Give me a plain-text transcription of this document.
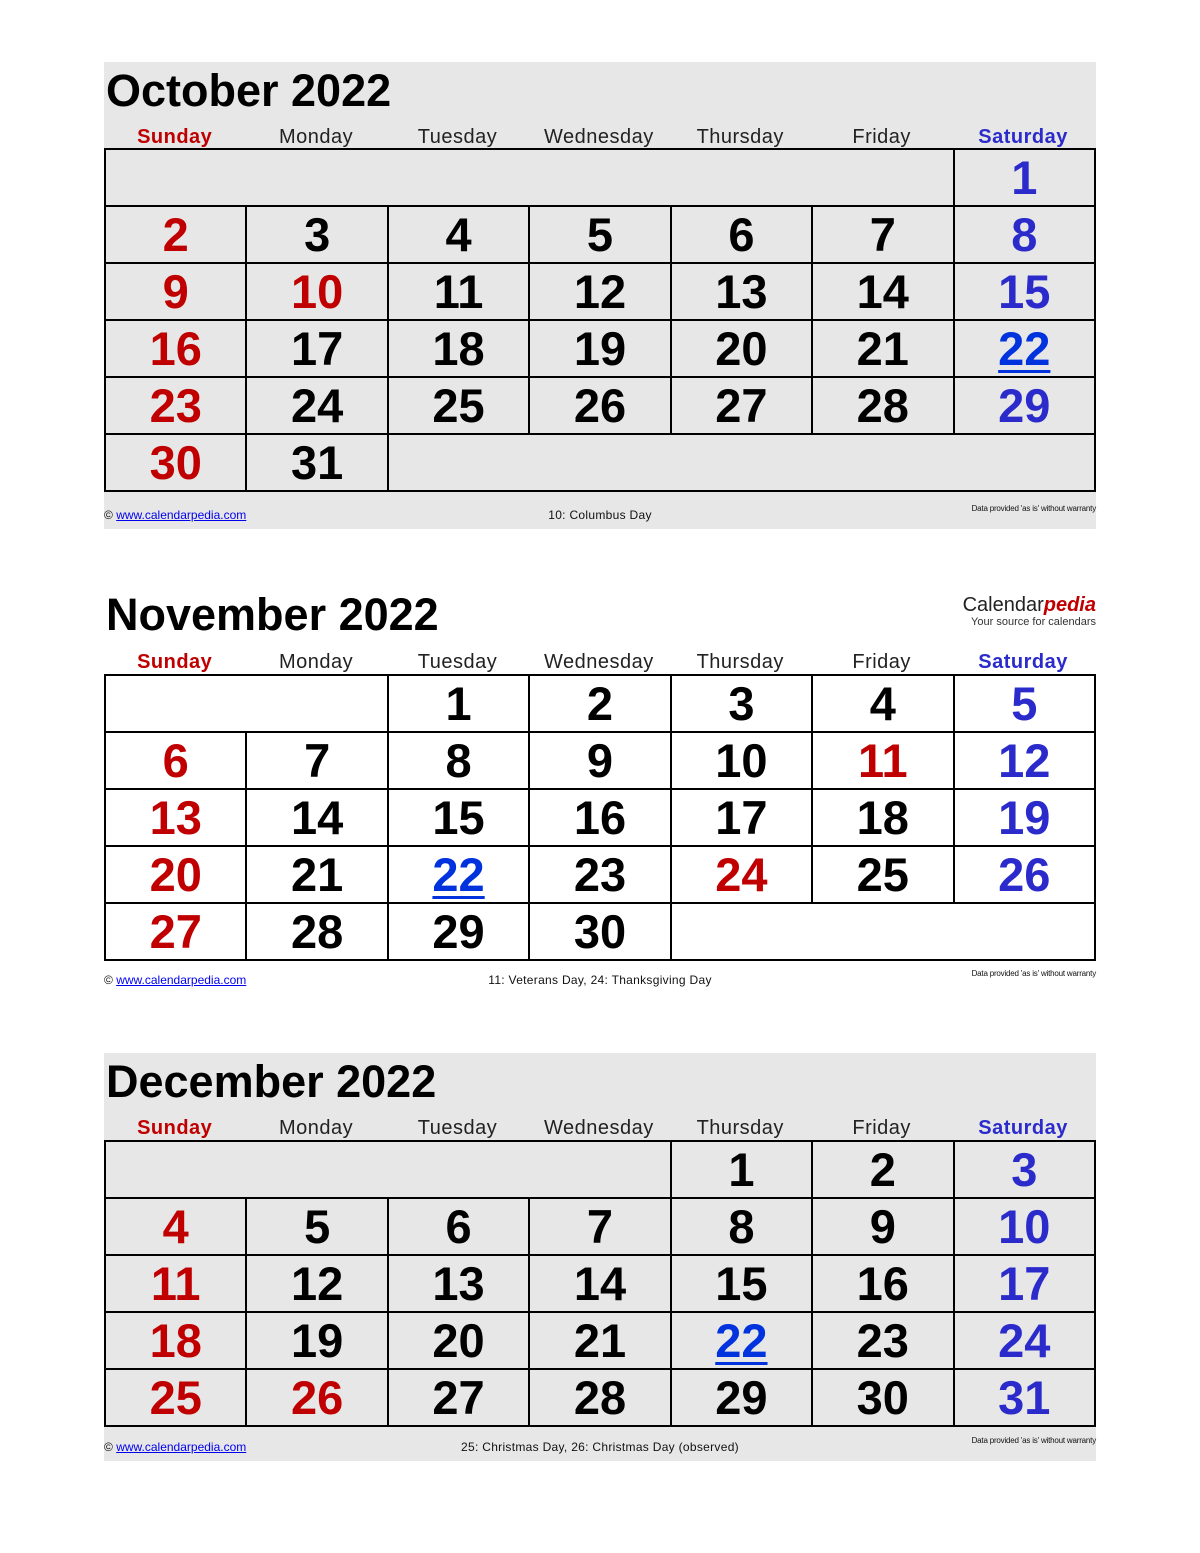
October 2022
Sunday	Monday	Tuesday	Wednesday	Thursday	Friday	Saturday
						1
2	3	4	5	6	7	8
9	10	11	12	13	14	15
16	17	18	19	20	21	22
23	24	25	26	27	28	29
30	31					
© www.calendarpedia.com	10: Columbus Day	Data provided 'as is' without warranty
November 2022	Calendarpedia
Your source for calendars
Sunday	Monday	Tuesday	Wednesday	Thursday	Friday	Saturday
		1	2	3	4	5
6	7	8	9	10	11	12
13	14	15	16	17	18	19
20	21	22	23	24	25	26
27	28	29	30			
© www.calendarpedia.com	11: Veterans Day, 24: Thanksgiving Day	Data provided 'as is' without warranty
December 2022
Sunday	Monday	Tuesday	Wednesday	Thursday	Friday	Saturday
				1	2	3
4	5	6	7	8	9	10
11	12	13	14	15	16	17
18	19	20	21	22	23	24
25	26	27	28	29	30	31
© www.calendarpedia.com	25: Christmas Day, 26: Christmas Day (observed)	Data provided 'as is' without warranty
